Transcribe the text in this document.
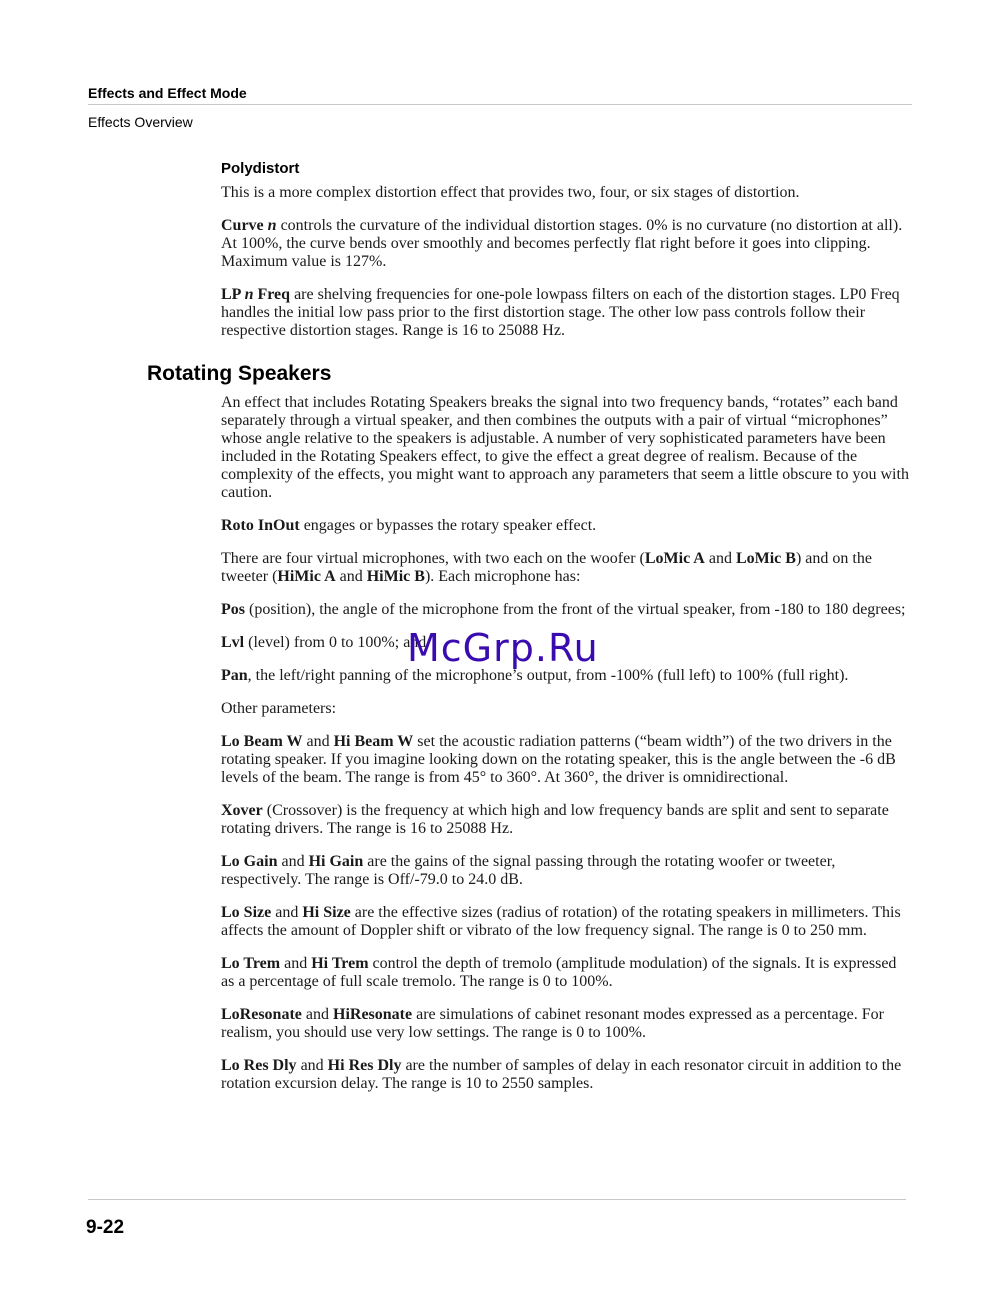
Effects and Effect Mode
Effects Overview
Polydistort

This is a more complex distortion effect that provides two, four, or six stages of distortion.

Curve n controls the curvature of the individual distortion stages. 0% is no curvature (no distortion at all). At 100%, the curve bends over smoothly and becomes perfectly flat right before it goes into clipping. Maximum value is 127%.

LP n Freq are shelving frequencies for one-pole lowpass filters on each of the distortion stages. LP0 Freq handles the initial low pass prior to the first distortion stage. The other low pass controls follow their respective distortion stages. Range is 16 to 25088 Hz.

Rotating Speakers

An effect that includes Rotating Speakers breaks the signal into two frequency bands, “rotates” each band separately through a virtual speaker, and then combines the outputs with a pair of virtual “microphones” whose angle relative to the speakers is adjustable. A number of very sophisticated parameters have been included in the Rotating Speakers effect, to give the effect a great degree of realism. Because of the complexity of the effects, you might want to approach any parameters that seem a little obscure to you with caution.

Roto InOut engages or bypasses the rotary speaker effect.

There are four virtual microphones, with two each on the woofer (LoMic A and LoMic B) and on the tweeter (HiMic A and HiMic B). Each microphone has:

Pos (position), the angle of the microphone from the front of the virtual speaker, from -180 to 180 degrees;

Lvl (level) from 0 to 100%; and

Pan, the left/right panning of the microphone’s output, from -100% (full left) to 100% (full right).

Other parameters:

Lo Beam W and Hi Beam W set the acoustic radiation patterns (“beam width”) of the two drivers in the rotating speaker. If you imagine looking down on the rotating speaker, this is the angle between the -6 dB levels of the beam. The range is from 45° to 360°. At 360°, the driver is omnidirectional.

Xover (Crossover) is the frequency at which high and low frequency bands are split and sent to separate rotating drivers. The range is 16 to 25088 Hz.

Lo Gain and Hi Gain are the gains of the signal passing through the rotating woofer or tweeter, respectively. The range is Off/-79.0 to 24.0 dB.

Lo Size and Hi Size are the effective sizes (radius of rotation) of the rotating speakers in millimeters. This affects the amount of Doppler shift or vibrato of the low frequency signal. The range is 0 to 250 mm.

Lo Trem and Hi Trem control the depth of tremolo (amplitude modulation) of the signals. It is expressed as a percentage of full scale tremolo. The range is 0 to 100%.

LoResonate and HiResonate are simulations of cabinet resonant modes expressed as a percentage. For realism, you should use very low settings. The range is 0 to 100%.

Lo Res Dly and Hi Res Dly are the number of samples of delay in each resonator circuit in addition to the rotation excursion delay. The range is 10 to 2550 samples.

McGrp.Ru
9-22
